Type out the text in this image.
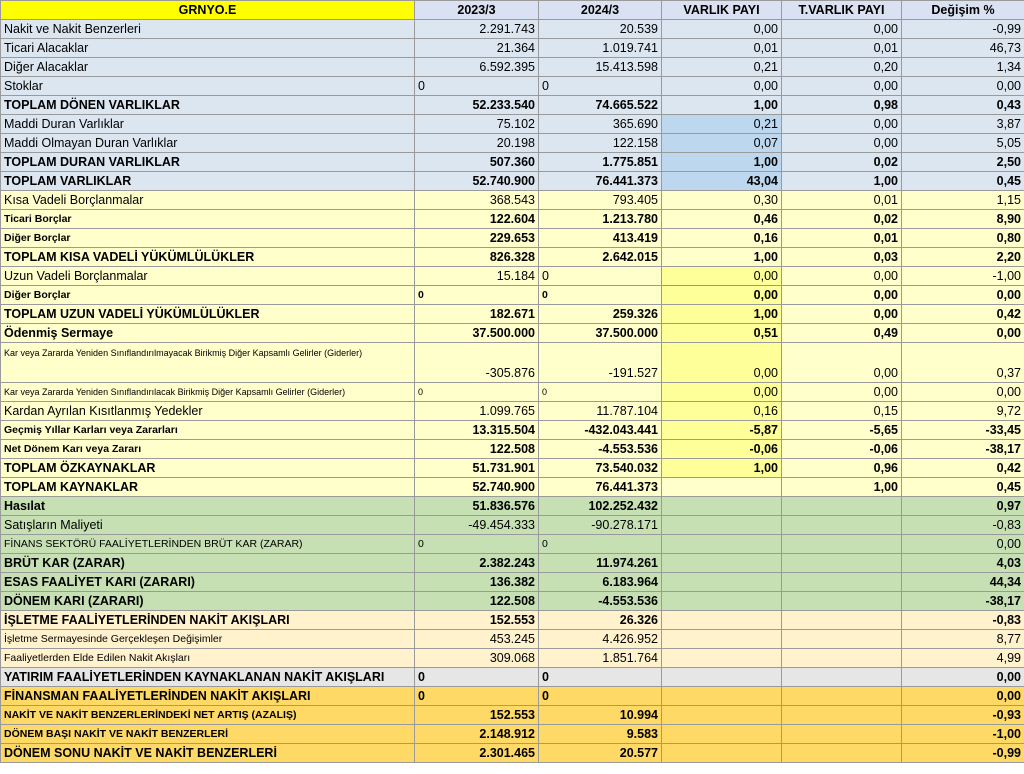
GRNYO.E	2023/3	2024/3	VARLIK PAYI	T.VARLIK PAYI	Değişim %
Nakit ve Nakit Benzerleri	2.291.743	20.539	0,00	0,00	-0,99
Ticari Alacaklar	21.364	1.019.741	0,01	0,01	46,73
Diğer Alacaklar	6.592.395	15.413.598	0,21	0,20	1,34
Stoklar	0	0	0,00	0,00	0,00
TOPLAM DÖNEN VARLIKLAR	52.233.540	74.665.522	1,00	0,98	0,43
Maddi Duran Varlıklar	75.102	365.690	0,21	0,00	3,87
Maddi Olmayan Duran Varlıklar	20.198	122.158	0,07	0,00	5,05
TOPLAM DURAN VARLIKLAR	507.360	1.775.851	1,00	0,02	2,50
TOPLAM VARLIKLAR	52.740.900	76.441.373	43,04	1,00	0,45
Kısa Vadeli Borçlanmalar	368.543	793.405	0,30	0,01	1,15
Ticari Borçlar	122.604	1.213.780	0,46	0,02	8,90
Diğer Borçlar	229.653	413.419	0,16	0,01	0,80
TOPLAM KISA VADELİ YÜKÜMLÜLÜKLER	826.328	2.642.015	1,00	0,03	2,20
Uzun Vadeli Borçlanmalar	15.184	0	0,00	0,00	-1,00
Diğer Borçlar	0	0	0,00	0,00	0,00
TOPLAM UZUN VADELİ YÜKÜMLÜLÜKLER	182.671	259.326	1,00	0,00	0,42
Ödenmiş Sermaye	37.500.000	37.500.000	0,51	0,49	0,00
Kar veya Zararda Yeniden Sınıflandırılmayacak Birikmiş Diğer Kapsamlı Gelirler (Giderler)	-305.876	-191.527	0,00	0,00	0,37
Kar veya Zararda Yeniden Sınıflandırılacak Birikmiş Diğer Kapsamlı Gelirler (Giderler)	0	0	0,00	0,00	0,00
Kardan Ayrılan Kısıtlanmış Yedekler	1.099.765	11.787.104	0,16	0,15	9,72
Geçmiş Yıllar Karları veya Zararları	13.315.504	-432.043.441	-5,87	-5,65	-33,45
Net Dönem Karı veya Zararı	122.508	-4.553.536	-0,06	-0,06	-38,17
TOPLAM ÖZKAYNAKLAR	51.731.901	73.540.032	1,00	0,96	0,42
TOPLAM KAYNAKLAR	52.740.900	76.441.373		1,00	0,45
Hasılat	51.836.576	102.252.432			0,97
Satışların Maliyeti	-49.454.333	-90.278.171			-0,83
FİNANS SEKTÖRÜ FAALİYETLERİNDEN BRÜT KAR (ZARAR)	0	0			0,00
BRÜT KAR (ZARAR)	2.382.243	11.974.261			4,03
ESAS FAALİYET KARI (ZARARI)	136.382	6.183.964			44,34
DÖNEM KARI (ZARARI)	122.508	-4.553.536			-38,17
İŞLETME FAALİYETLERİNDEN NAKİT AKIŞLARI	152.553	26.326			-0,83
İşletme Sermayesinde Gerçekleşen Değişimler	453.245	4.426.952			8,77
Faaliyetlerden Elde Edilen Nakit Akışları	309.068	1.851.764			4,99
YATIRIM FAALİYETLERİNDEN KAYNAKLANAN NAKİT AKIŞLARI	0	0			0,00
FİNANSMAN FAALİYETLERİNDEN NAKİT AKIŞLARI	0	0			0,00
NAKİT VE NAKİT BENZERLERİNDEKİ NET ARTIŞ (AZALIŞ)	152.553	10.994			-0,93
DÖNEM BAŞI NAKİT VE NAKİT BENZERLERİ	2.148.912	9.583			-1,00
DÖNEM SONU NAKİT VE NAKİT BENZERLERİ	2.301.465	20.577			-0,99
